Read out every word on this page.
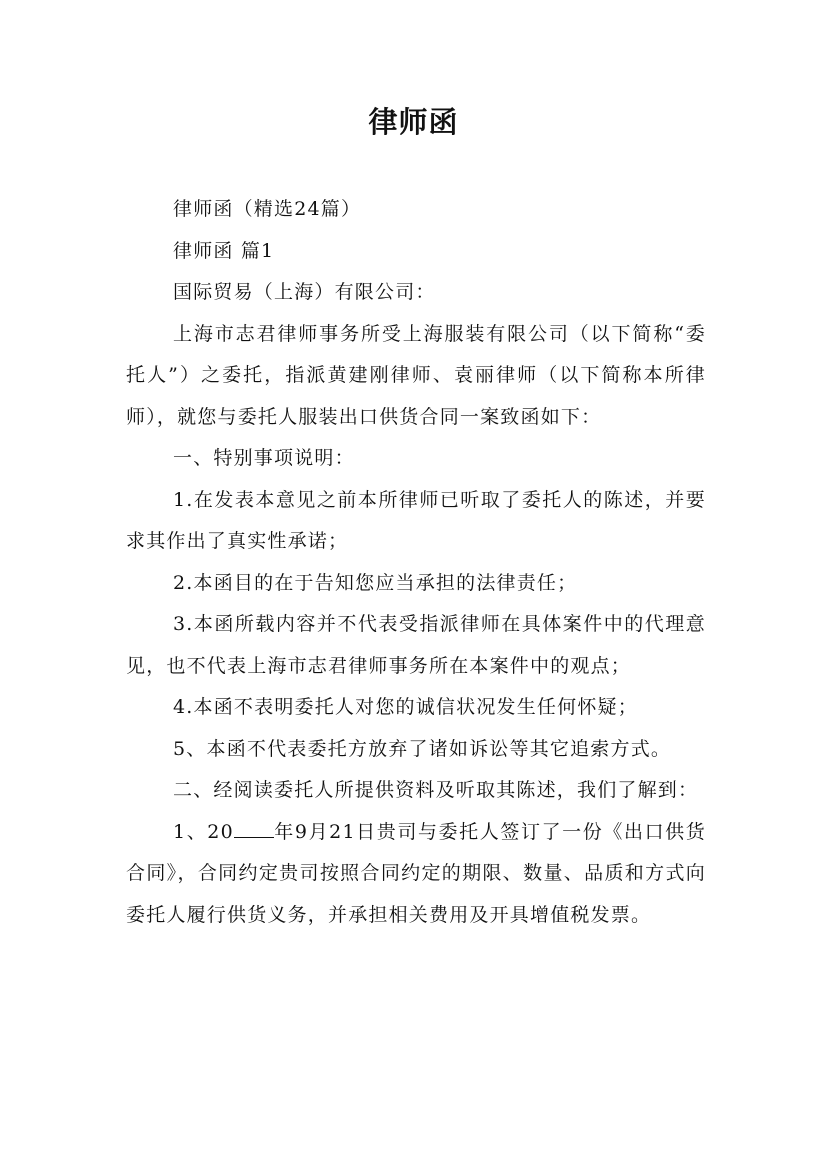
律师函

律师函（精选24篇）

律师函 篇1

国际贸易（上海）有限公司：

上海市志君律师事务所受上海服装有限公司（以下简称“委托人”）之委托，指派黄建刚律师、袁丽律师（以下简称本所律师），就您与委托人服装出口供货合同一案致函如下：

一、特别事项说明：

1.在发表本意见之前本所律师已听取了委托人的陈述，并要求其作出了真实性承诺；

2.本函目的在于告知您应当承担的法律责任；

3.本函所载内容并不代表受指派律师在具体案件中的代理意见，也不代表上海市志君律师事务所在本案件中的观点；

4.本函不表明委托人对您的诚信状况发生任何怀疑；

5、本函不代表委托方放弃了诸如诉讼等其它追索方式。

二、经阅读委托人所提供资料及听取其陈述，我们了解到：

1、20 年9月21日贵司与委托人签订了一份《出口供货合同》，合同约定贵司按照合同约定的期限、数量、品质和方式向委托人履行供货义务，并承担相关费用及开具增值税发票。
